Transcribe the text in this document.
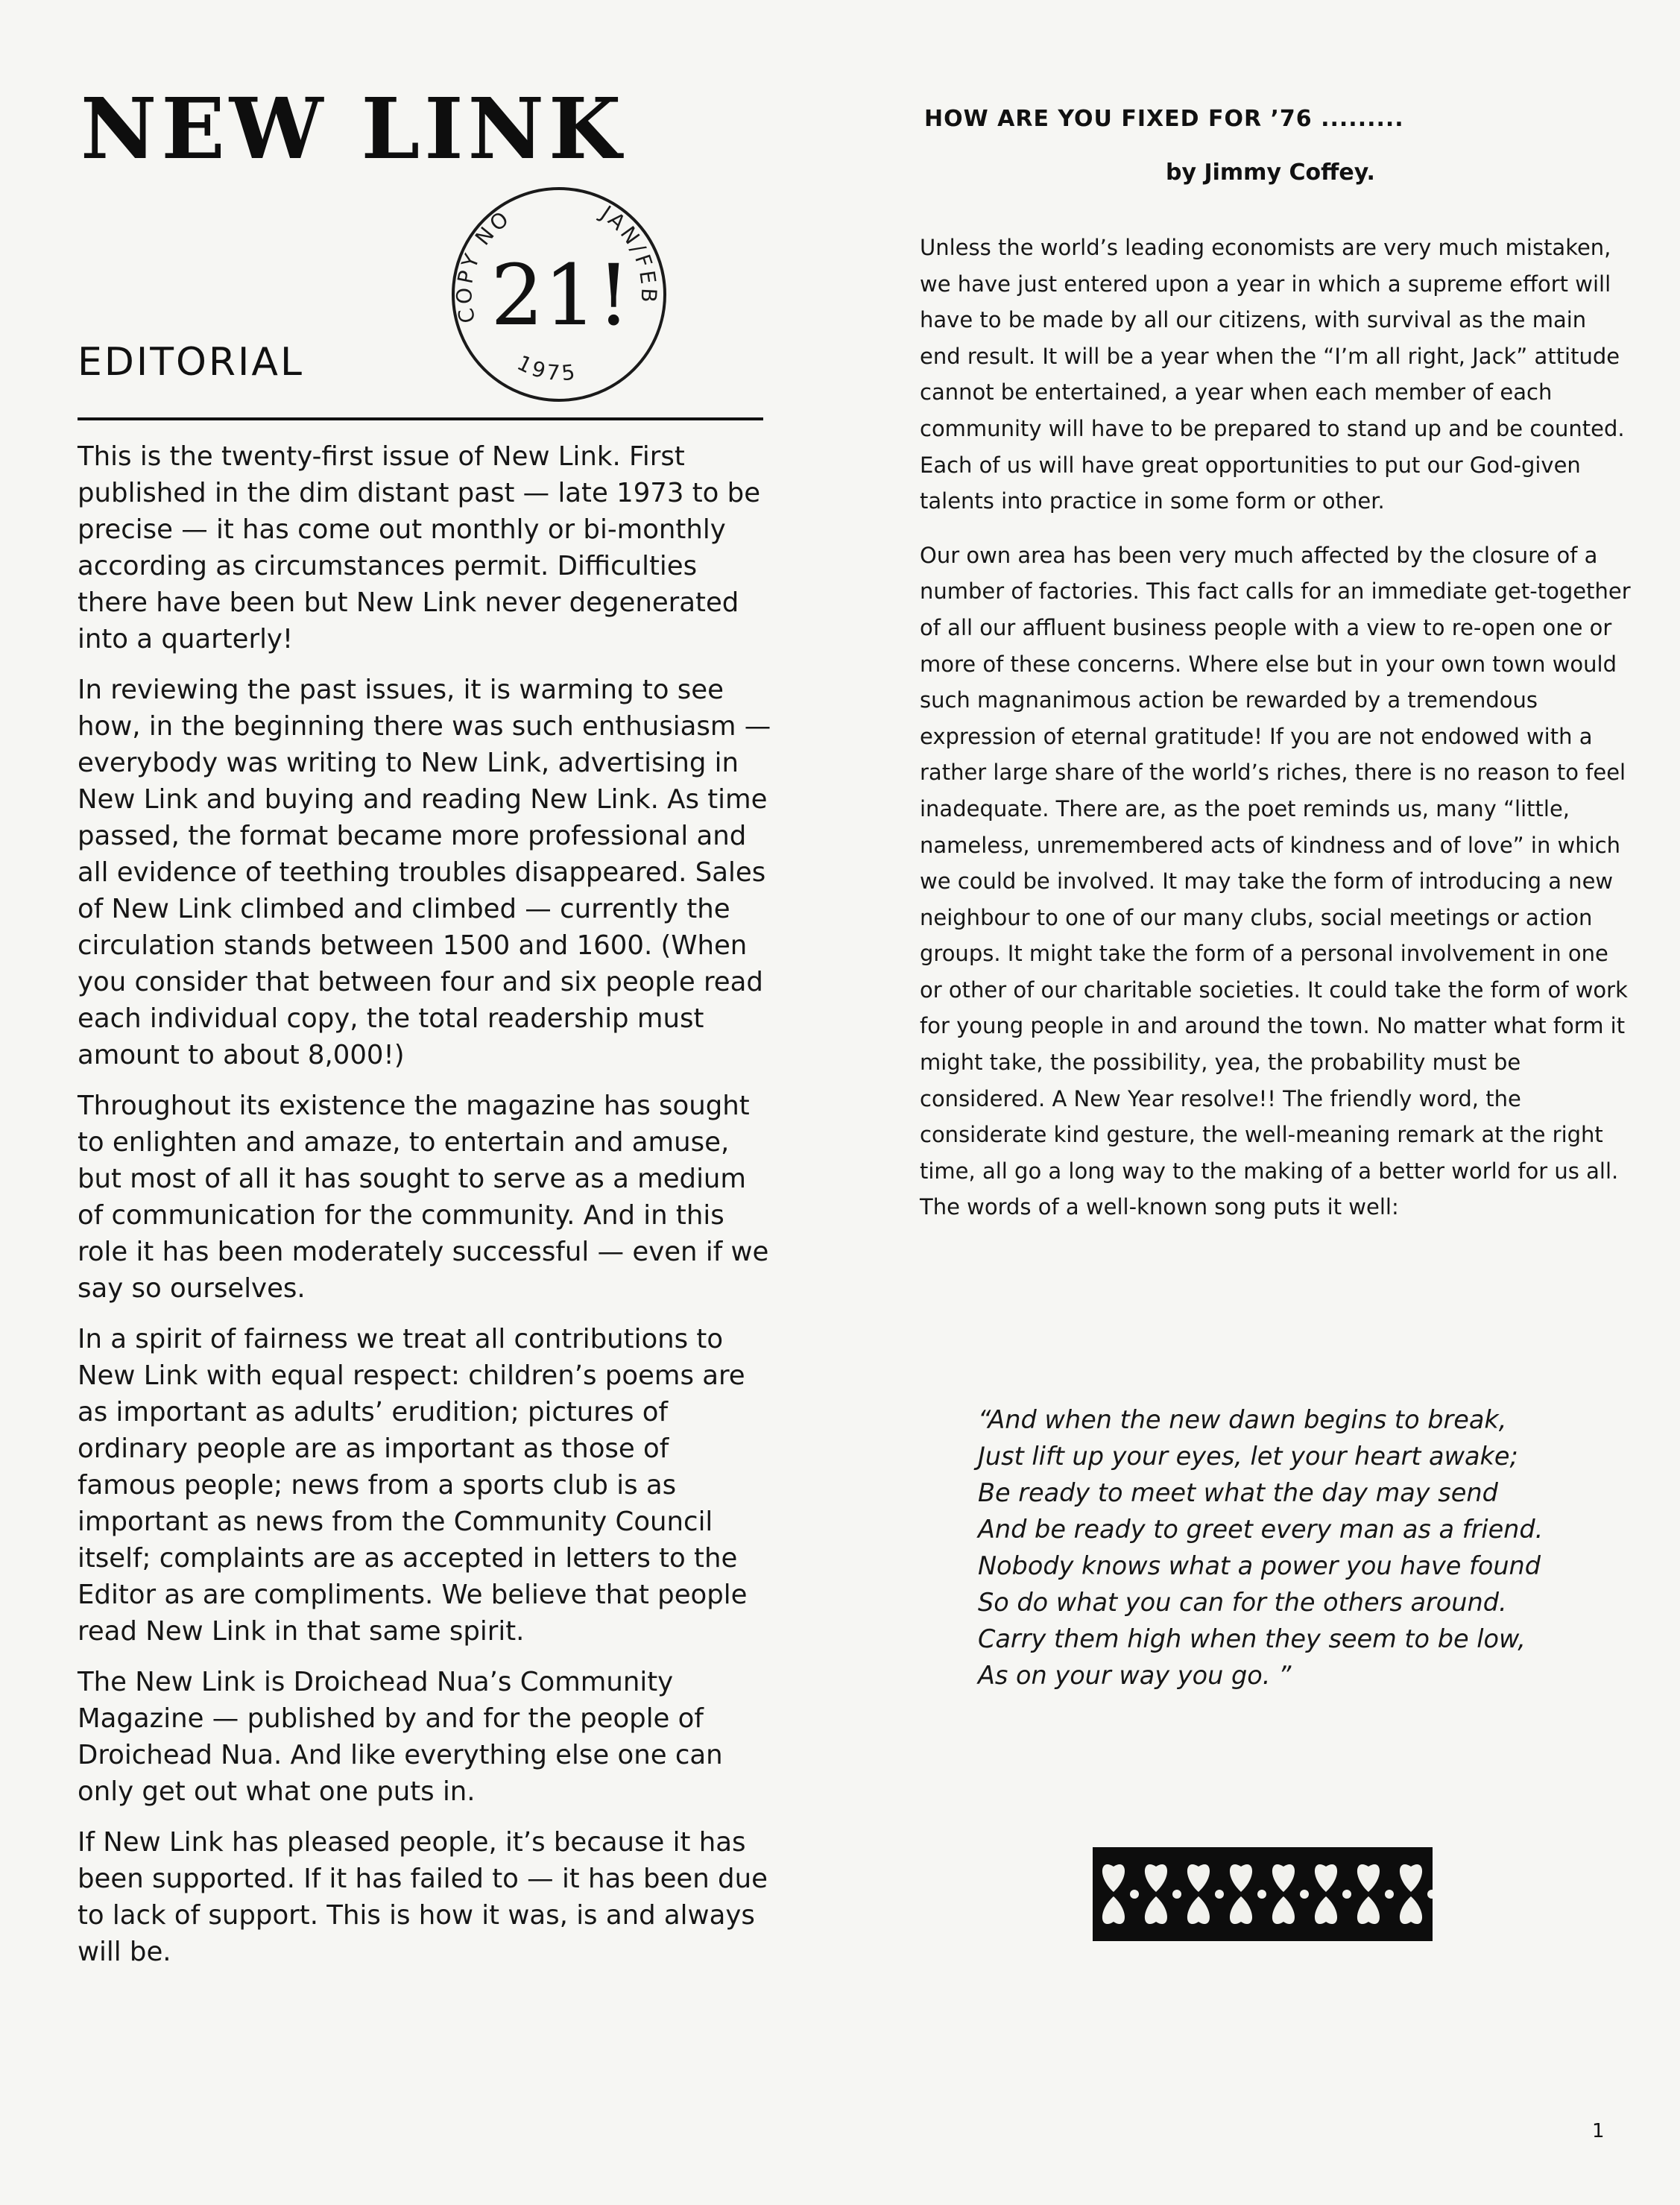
NEW LINK
COPY NO	JAN/FEB
1975
21!
EDITORIAL

This is the twenty-first issue of New Link. First published in the dim distant past — late 1973 to be precise — it has come out monthly or bi-monthly according as circumstances permit. Difficulties there have been but New Link never degenerated into a quarterly!

In reviewing the past issues, it is warming to see how, in the beginning there was such enthusiasm — everybody was writing to New Link, advertising in New Link and buying and reading New Link. As time passed, the format became more professional and all evidence of teething troubles disappeared. Sales of New Link climbed and climbed — currently the circulation stands between 1500 and 1600. (When you consider that between four and six people read each individual copy, the total readership must amount to about 8,000!)

Throughout its existence the magazine has sought to enlighten and amaze, to entertain and amuse, but most of all it has sought to serve as a medium of communication for the community. And in this role it has been moderately successful — even if we say so ourselves.

In a spirit of fairness we treat all contributions to New Link with equal respect: children’s poems are as important as adults’ erudition; pictures of ordinary people are as important as those of famous people; news from a sports club is as important as news from the Community Council itself; complaints are as accepted in letters to the Editor as are compliments. We believe that people read New Link in that same spirit.

The New Link is Droichead Nua’s Community Magazine — published by and for the people of Droichead Nua. And like everything else one can only get out what one puts in.

If New Link has pleased people, it’s because it has been supported. If it has failed to — it has been due to lack of support. This is how it was, is and always will be.

HOW ARE YOU FIXED FOR ’76 .........
by Jimmy Coffey.

Unless the world’s leading economists are very much mistaken, we have just entered upon a year in which a supreme effort will have to be made by all our citizens, with survival as the main end result. It will be a year when the “I’m all right, Jack” attitude cannot be entertained, a year when each member of each community will have to be prepared to stand up and be counted. Each of us will have great opportunities to put our God-given talents into practice in some form or other.

Our own area has been very much affected by the closure of a number of factories. This fact calls for an immediate get-together of all our affluent business people with a view to re-open one or more of these concerns. Where else but in your own town would such magnanimous action be rewarded by a tremendous expression of eternal gratitude! If you are not endowed with a rather large share of the world’s riches, there is no reason to feel inadequate. There are, as the poet reminds us, many “little, nameless, unremembered acts of kindness and of love” in which we could be involved. It may take the form of introducing a new neighbour to one of our many clubs, social meetings or action groups. It might take the form of a personal involvement in one or other of our charitable societies. It could take the form of work for young people in and around the town. No matter what form it might take, the possibility, yea, the probability must be considered. A New Year resolve!! The friendly word, the considerate kind gesture, the well-meaning remark at the right time, all go a long way to the making of a better world for us all. The words of a well-known song puts it well:

“And when the new dawn begins to break,
Just lift up your eyes, let your heart awake;
Be ready to meet what the day may send
And be ready to greet every man as a friend.
Nobody knows what a power you have found
So do what you can for the others around.
Carry them high when they seem to be low,
As on your way you go. ”
1
